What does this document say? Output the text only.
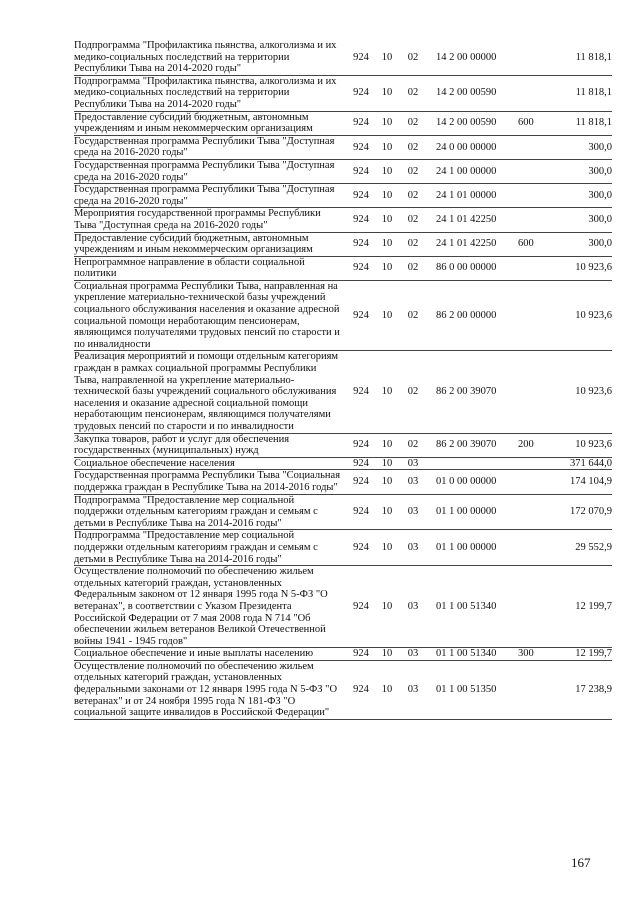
Подпрограмма "Профилактика пьянства, алкоголизма и их медико-социальных последствий на территории Республики Тыва на 2014-2020 годы"	924	10	02	14 2 00 00000		11 818,1
Подпрограмма "Профилактика пьянства, алкоголизма и их медико-социальных последствий на территории Республики Тыва на 2014-2020 годы"	924	10	02	14 2 00 00590		11 818,1
Предоставление субсидий бюджетным, автономным учреждениям и иным некоммерческим организациям	924	10	02	14 2 00 00590	600	11 818,1
Государственная программа Республики Тыва "Доступная среда на 2016-2020 годы"	924	10	02	24 0 00 00000		300,0
Государственная программа Республики Тыва "Доступная среда на 2016-2020 годы"	924	10	02	24 1 00 00000		300,0
Государственная программа Республики Тыва "Доступная среда на 2016-2020 годы"	924	10	02	24 1 01 00000		300,0
Мероприятия государственной программы Республики Тыва "Доступная среда на 2016-2020 годы"	924	10	02	24 1 01 42250		300,0
Предоставление субсидий бюджетным, автономным учреждениям и иным некоммерческим организациям	924	10	02	24 1 01 42250	600	300,0
Непрограммное направление в области социальной политики	924	10	02	86 0 00 00000		10 923,6
Социальная программа Республики Тыва, направленная на укрепление материально-технической базы учреждений социального обслуживания населения и оказание адресной социальной помощи неработающим пенсионерам, являющимся получателями трудовых пенсий по старости и по инвалидности	924	10	02	86 2 00 00000		10 923,6
Реализация мероприятий и помощи отдельным категориям граждан в рамках социальной программы Республики Тыва, направленной на укрепление материально-технической базы учреждений социального обслуживания населения и оказание адресной социальной помощи неработающим пенсионерам, являющимся получателями трудовых пенсий по старости и по инвалидности	924	10	02	86 2 00 39070		10 923,6
Закупка товаров, работ и услуг для обеспечения государственных (муниципальных) нужд	924	10	02	86 2 00 39070	200	10 923,6
Социальное обеспечение населения	924	10	03			371 644,0
Государственная программа Республики Тыва "Социальная поддержка граждан в Республике Тыва на 2014-2016 годы"	924	10	03	01 0 00 00000		174 104,9
Подпрограмма "Предоставление мер социальной поддержки отдельным категориям граждан и семьям с детьми в Республике Тыва на 2014-2016 годы"	924	10	03	01 1 00 00000		172 070,9
Подпрограмма "Предоставление мер социальной поддержки отдельным категориям граждан и семьям с детьми в Республике Тыва на 2014-2016 годы"	924	10	03	01 1 00 00000		29 552,9
Осуществление полномочий по обеспечению жильем отдельных категорий граждан, установленных Федеральным законом от 12 января 1995 года N 5-ФЗ "О ветеранах", в соответствии с Указом Президента Российской Федерации от 7 мая 2008 года N 714 "Об обеспечении жильем ветеранов Великой Отечественной войны 1941 - 1945 годов"	924	10	03	01 1 00 51340		12 199,7
Социальное обеспечение и иные выплаты населению	924	10	03	01 1 00 51340	300	12 199,7
Осуществление полномочий по обеспечению жильем отдельных категорий граждан, установленных федеральными законами от 12 января 1995 года N 5-ФЗ "О ветеранах" и от 24 ноября 1995 года N 181-ФЗ "О социальной защите инвалидов в Российской Федерации"	924	10	03	01 1 00 51350		17 238,9
167
